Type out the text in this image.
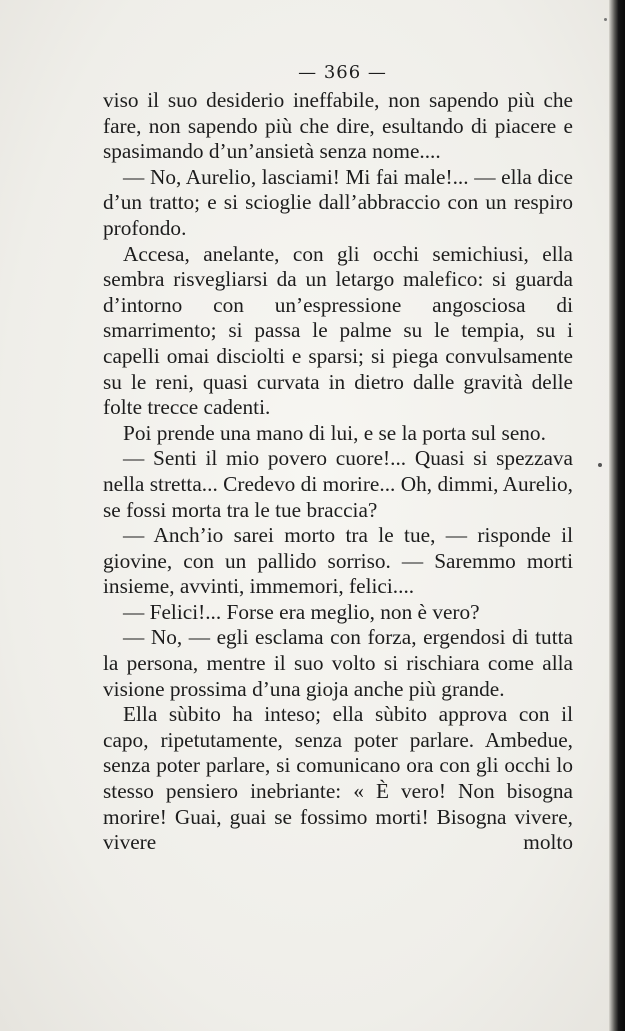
— 366 —

viso il suo desiderio ineffabile, non sapendo più che fare, non sapendo più che dire, esultando di piacere e spasimando d’un’ansietà senza nome....

— No, Aurelio, lasciami! Mi fai male!... — ella dice d’un tratto; e si scioglie dall’abbraccio con un respiro profondo.

Accesa, anelante, con gli occhi semichiusi, ella sembra risvegliarsi da un letargo malefico: si guarda d’intorno con un’espressione angosciosa di smarrimento; si passa le palme su le tempia, su i capelli omai disciolti e sparsi; si piega convulsamente su le reni, quasi curvata in dietro dalle gravità delle folte trecce cadenti.

Poi prende una mano di lui, e se la porta sul seno.

— Senti il mio povero cuore!... Quasi si spezzava nella stretta... Credevo di morire... Oh, dimmi, Aurelio, se fossi morta tra le tue braccia?

— Anch’io sarei morto tra le tue, — risponde il giovine, con un pallido sorriso. — Saremmo morti insieme, avvinti, immemori, felici....

— Felici!... Forse era meglio, non è vero?

— No, — egli esclama con forza, ergendosi di tutta la persona, mentre il suo volto si rischiara come alla visione prossima d’una gioja anche più grande.

Ella sùbito ha inteso; ella sùbito approva con il capo, ripetutamente, senza poter parlare. Ambedue, senza poter parlare, si comunicano ora con gli occhi lo stesso pensiero inebriante: « È vero! Non bisogna morire! Guai, guai se fossimo morti! Bisogna vivere, vivere molto
